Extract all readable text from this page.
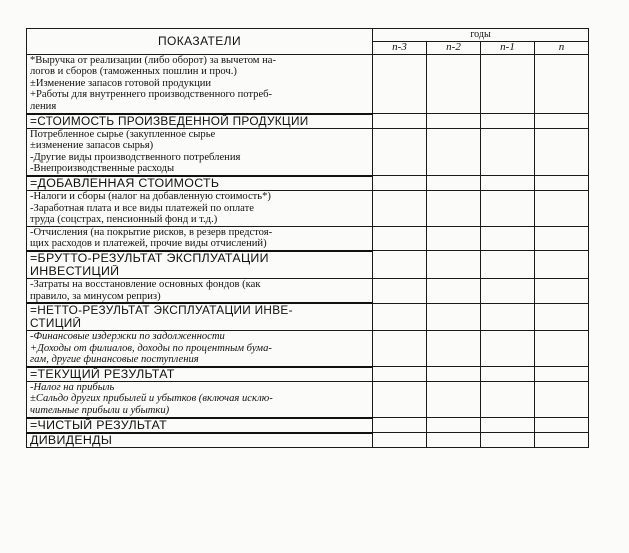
ПОКАЗАТЕЛИ	годы			
	n-3	n-2	n-1	n

*Выручка от реализации (либо оборот) за вычетом на-
логов и сборов (таможенных пошлин и проч.)
±Изменение запасов готовой продукции
+Работы для внутреннего производственного потреб-
ления				

=СТОИМОСТЬ ПРОИЗВЕДЕННОЙ ПРОДУКЦИИ				

Потребленное сырье (закупленное сырье
±изменение запасов сырья)
-Другие виды производственного потребления
-Внепроизводственные расходы				

=ДОБАВЛЕННАЯ СТОИМОСТЬ				

-Налоги и сборы (налог на добавленную стоимость*)
-Заработная плата и все виды платежей по оплате
труда (соцстрах, пенсионный фонд и т.д.)				

-Отчисления (на покрытие рисков, в резерв предстоя-
щих расходов и платежей, прочие виды отчислений)				

=БРУТТО-РЕЗУЛЬТАТ ЭКСПЛУАТАЦИИ
ИНВЕСТИЦИЙ				

-Затраты на восстановление основных фондов (как
правило, за минусом реприз)				

=НЕТТО-РЕЗУЛЬТАТ ЭКСПЛУАТАЦИИ ИНВЕ-
СТИЦИЙ				

-Финансовые издержки по задолженности
+Доходы от филиалов, доходы по процентным бума-
гам, другие финансовые поступления				

=ТЕКУЩИЙ РЕЗУЛЬТАТ				

-Налог на прибыль
±Сальдо других прибылей и убытков (включая исклю-
чительные прибыли и убытки)				

=ЧИСТЫЙ РЕЗУЛЬТАТ				

ДИВИДЕНДЫ				
